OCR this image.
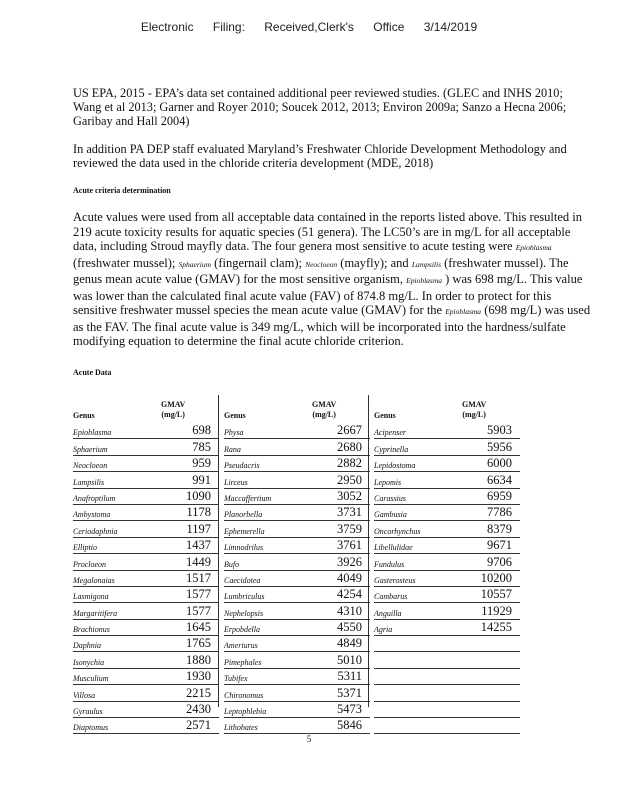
Electronic Filing: Received,Clerk's Office 3/14/2019

US EPA, 2015 - EPA’s data set contained additional peer reviewed studies. (GLEC and INHS 2010; Wang et al 2013; Garner and Royer 2010; Soucek 2012, 2013; Environ 2009a; Sanzo a Hecna 2006; Garibay and Hall 2004)

In addition PA DEP staff evaluated Maryland’s Freshwater Chloride Development Methodology and reviewed the data used in the chloride criteria development (MDE, 2018)

Acute criteria determination

Acute values were used from all acceptable data contained in the reports listed above. This resulted in 219 acute toxicity results for aquatic species (51 genera). The LC50’s are in mg/L for all acceptable data, including Stroud mayfly data. The four genera most sensitive to acute testing were Epioblasma (freshwater mussel); Sphaerium (fingernail clam); Neocloeon (mayfly); and Lampsilis (freshwater mussel). The genus mean acute value (GMAV) for the most sensitive organism, Epioblasma ) was 698 mg/L. This value was lower than the calculated final acute value (FAV) of 874.8 mg/L. In order to protect for this sensitive freshwater mussel species the mean acute value (GMAV) for the Epioblasma (698 mg/L) was used as the FAV. The final acute value is 349 mg/L, which will be incorporated into the hardness/sulfate modifying equation to determine the final acute chloride criterion.

Acute Data
Genus
GMAV
(mg/L)
Epioblasma	698
Sphaerium	785
Neocloeon	959
Lampsilis	991
Anafroptilum	1090
Ambystoma	1178
Ceriodaphnia	1197
Elliptio	1437
Procloeon	1449
Megalonaias	1517
Lasmigona	1577
Margaritifera	1577
Brachionus	1645
Daphnia	1765
Isonychia	1880
Musculium	1930
Villosa	2215
Gyraulus	2430
Diaptomus	2571
Genus
GMAV
(mg/L)
Physa	2667
Rana	2680
Pseudacris	2882
Lirceus	2950
Maccaffertium	3052
Planorbella	3731
Ephemerella	3759
Limnodrilus	3761
Bufo	3926
Caecidotea	4049
Lumbriculus	4254
Nephelopsis	4310
Erpobdella	4550
Ameriurus	4849
Pimephales	5010
Tubifex	5311
Chironomus	5371
Leptophlebia	5473
Lithobates	5846
Genus
GMAV
(mg/L)
Acipenser	5903
Cyprinella	5956
Lepidostoma	6000
Lepomis	6634
Carassius	6959
Gambusia	7786
Oncorhynchus	8379
Libellulidae	9671
Fundulus	9706
Gasterosteus	10200
Cambarus	10557
Anguilla	11929
Agria	14255
5
